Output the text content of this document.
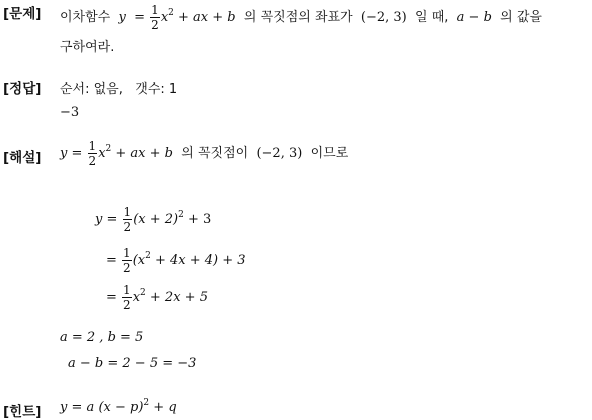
[문제] 이차함수 $y = \frac{1}{2} x^2$ + ax + b 의 꼭짓점의 좌표가 (−2, 3) 일 때, a − b 의 값을
구하여라.
[정답] 순서: 없음,   갯수: 1
−3
[해설] $y = \frac{1}{2} x^2$ + ax + b 의 꼭짓점이 (−2, 3) 이므로
$y = \frac{1}{2} (x + 2)^2 + 3$
= $\frac{1}{2} (x^2 + 4x + 4) + 3$
= $\frac{1}{2} x^2 + 2x + 5$
a = 2 , b = 5
a − b = 2 − 5 = −3
[힌트] y = a $(x - p)^2 + q$
